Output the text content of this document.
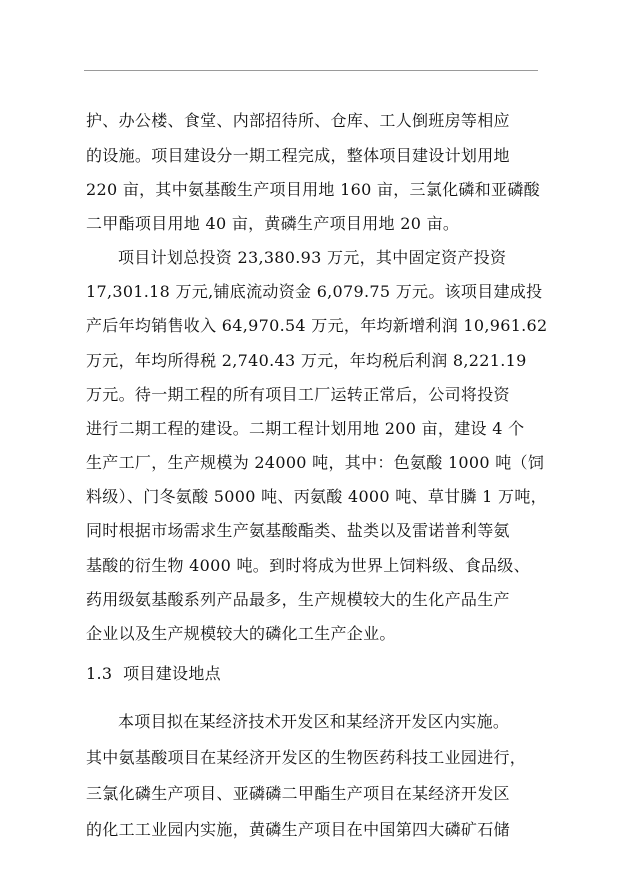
护、办公楼、食堂、内部招待所、仓库、工人倒班房等相应
的设施。项目建设分一期工程完成，整体项目建设计划用地
220 亩，其中氨基酸生产项目用地 160 亩，三氯化磷和亚磷酸
二甲酯项目用地 40 亩，黄磷生产项目用地 20 亩。
项目计划总投资 23,380.93 万元，其中固定资产投资
17,301.18 万元,铺底流动资金 6,079.75 万元。该项目建成投
产后年均销售收入 64,970.54 万元，年均新增利润 10,961.62
万元，年均所得税 2,740.43 万元，年均税后利润 8,221.19
万元。待一期工程的所有项目工厂运转正常后，公司将投资
进行二期工程的建设。二期工程计划用地 200 亩，建设 4 个
生产工厂，生产规模为 24000 吨，其中：色氨酸 1000 吨（饲
料级）、门冬氨酸 5000 吨、丙氨酸 4000 吨、草甘膦 1 万吨，
同时根据市场需求生产氨基酸酯类、盐类以及雷诺普利等氨
基酸的衍生物 4000 吨。到时将成为世界上饲料级、食品级、
药用级氨基酸系列产品最多，生产规模较大的生化产品生产
企业以及生产规模较大的磷化工生产企业。
1.3  项目建设地点
本项目拟在某经济技术开发区和某经济开发区内实施。
其中氨基酸项目在某经济开发区的生物医药科技工业园进行，
三氯化磷生产项目、亚磷磷二甲酯生产项目在某经济开发区
的化工工业园内实施，黄磷生产项目在中国第四大磷矿石储
